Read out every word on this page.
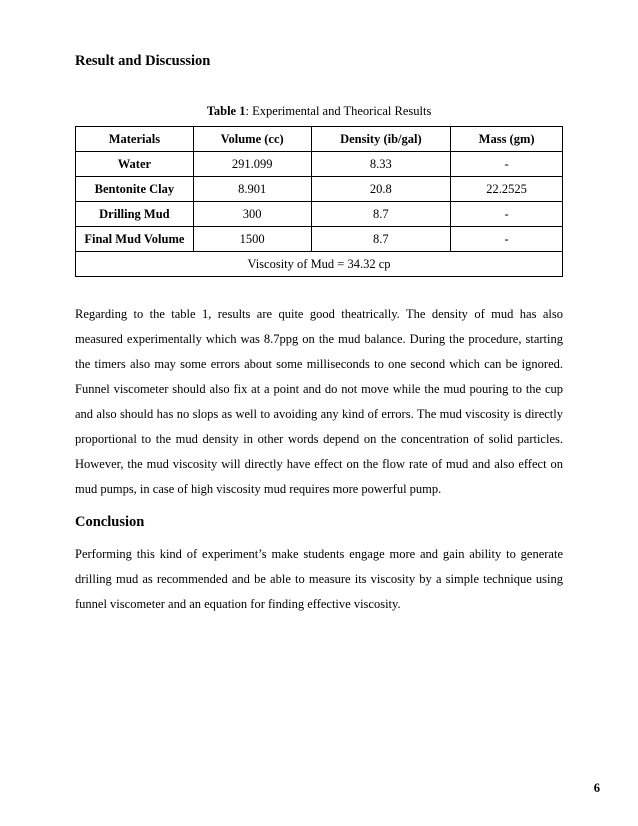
Result and Discussion
Table 1: Experimental and Theorical Results
Materials	Volume (cc)	Density (ib/gal)	Mass (gm)
Water	291.099	8.33	-
Bentonite Clay	8.901	20.8	22.2525
Drilling Mud	300	8.7	-
Final Mud Volume	1500	8.7	-
Viscosity of Mud = 34.32 cp			
Regarding to the table 1, results are quite good theatrically. The density of mud has also measured experimentally which was 8.7ppg on the mud balance. During the procedure, starting the timers also may some errors about some milliseconds to one second which can be ignored. Funnel viscometer should also fix at a point and do not move while the mud pouring to the cup and also should has no slops as well to avoiding any kind of errors. The mud viscosity is directly proportional to the mud density in other words depend on the concentration of solid particles. However, the mud viscosity will directly have effect on the flow rate of mud and also effect on mud pumps, in case of high viscosity mud requires more powerful pump.
Conclusion
Performing this kind of experiment’s make students engage more and gain ability to generate drilling mud as recommended and be able to measure its viscosity by a simple technique using funnel viscometer and an equation for finding effective viscosity.
6
